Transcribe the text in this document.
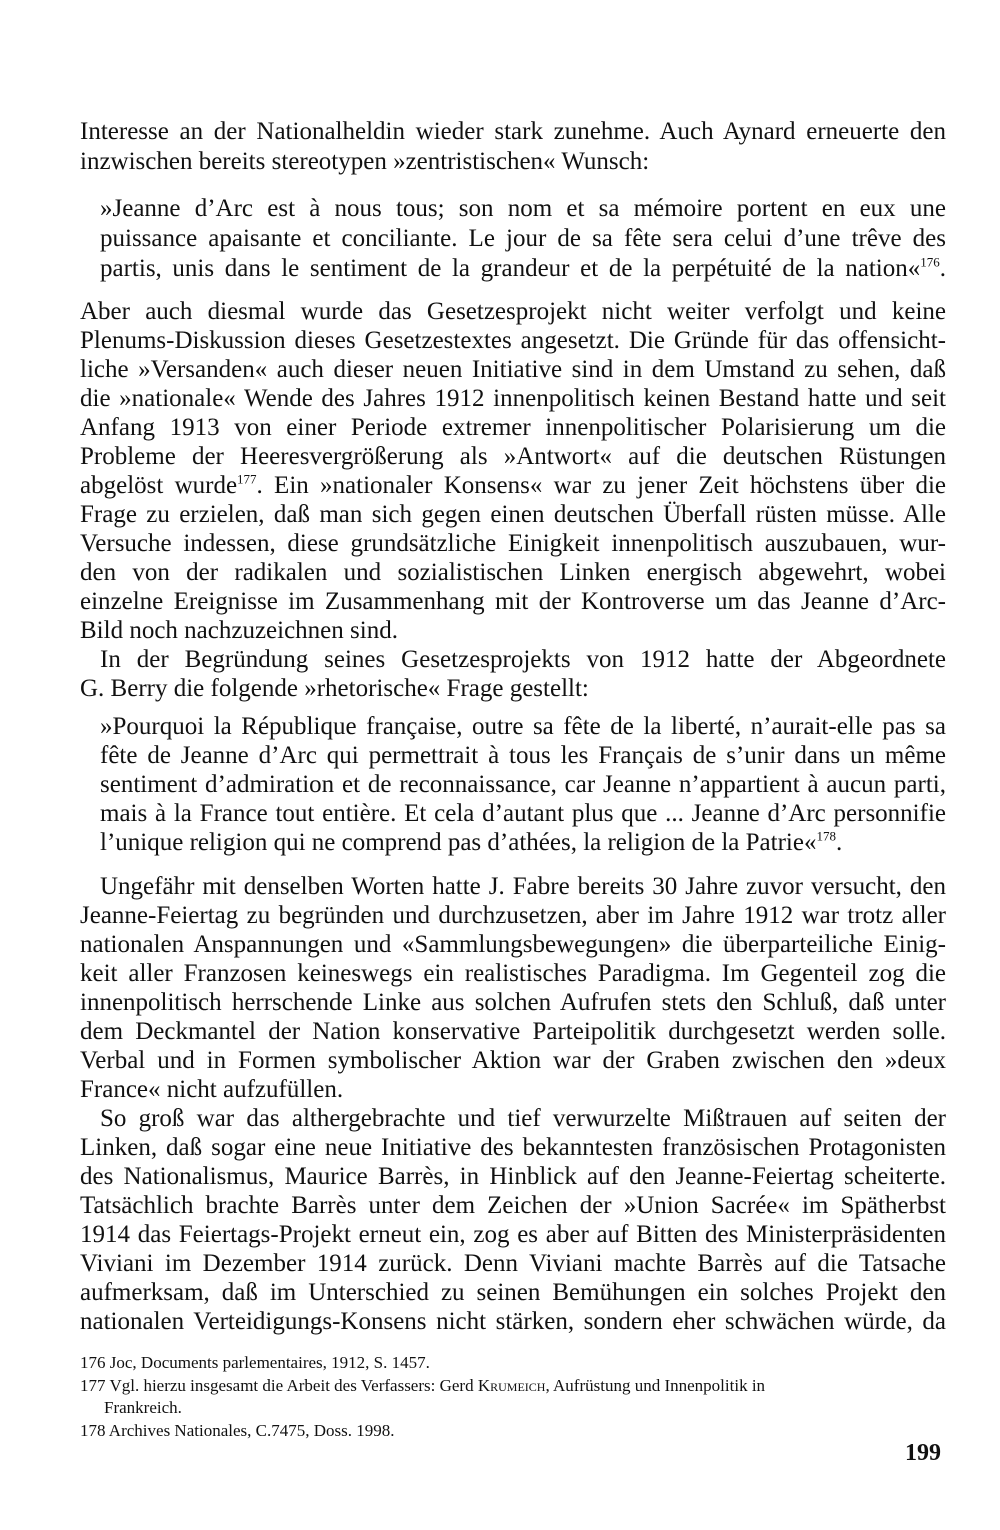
Interesse an der Nationalheldin wieder stark zunehme. Auch Aynard erneuerte den
inzwischen bereits stereotypen »zentristischen« Wunsch:
»Jeanne d’Arc est à nous tous; son nom et sa mémoire portent en eux une
puissance apaisante et conciliante. Le jour de sa fête sera celui d’une trêve des
partis, unis dans le sentiment de la grandeur et de la perpétuité de la nation«$^{176}$.
Aber auch diesmal wurde das Gesetzesprojekt nicht weiter verfolgt und keine
Plenums-Diskussion dieses Gesetzestextes angesetzt. Die Gründe für das offensicht-
liche »Versanden« auch dieser neuen Initiative sind in dem Umstand zu sehen, daß
die »nationale« Wende des Jahres 1912 innenpolitisch keinen Bestand hatte und seit
Anfang 1913 von einer Periode extremer innenpolitischer Polarisierung um die
Probleme der Heeresvergrößerung als »Antwort« auf die deutschen Rüstungen
abgelöst wurde$^{177}$. Ein »nationaler Konsens« war zu jener Zeit höchstens über die
Frage zu erzielen, daß man sich gegen einen deutschen Überfall rüsten müsse. Alle
Versuche indessen, diese grundsätzliche Einigkeit innenpolitisch auszubauen, wur-
den von der radikalen und sozialistischen Linken energisch abgewehrt, wobei
einzelne Ereignisse im Zusammenhang mit der Kontroverse um das Jeanne d’Arc-
Bild noch nachzuzeichnen sind.
In der Begründung seines Gesetzesprojekts von 1912 hatte der Abgeordnete
G. Berry die folgende »rhetorische« Frage gestellt:
»Pourquoi la République française, outre sa fête de la liberté, n’aurait-elle pas sa
fête de Jeanne d’Arc qui permettrait à tous les Français de s’unir dans un même
sentiment d’admiration et de reconnaissance, car Jeanne n’appartient à aucun parti,
mais à la France tout entière. Et cela d’autant plus que ... Jeanne d’Arc personnifie
l’unique religion qui ne comprend pas d’athées, la religion de la Patrie«$^{178}$.
Ungefähr mit denselben Worten hatte J. Fabre bereits 30 Jahre zuvor versucht, den
Jeanne-Feiertag zu begründen und durchzusetzen, aber im Jahre 1912 war trotz aller
nationalen Anspannungen und «Sammlungsbewegungen» die überparteiliche Einig-
keit aller Franzosen keineswegs ein realistisches Paradigma. Im Gegenteil zog die
innenpolitisch herrschende Linke aus solchen Aufrufen stets den Schluß, daß unter
dem Deckmantel der Nation konservative Parteipolitik durchgesetzt werden solle.
Verbal und in Formen symbolischer Aktion war der Graben zwischen den »deux
France« nicht aufzufüllen.
So groß war das althergebrachte und tief verwurzelte Mißtrauen auf seiten der
Linken, daß sogar eine neue Initiative des bekanntesten französischen Protagonisten
des Nationalismus, Maurice Barrès, in Hinblick auf den Jeanne-Feiertag scheiterte.
Tatsächlich brachte Barrès unter dem Zeichen der »Union Sacrée« im Spätherbst
1914 das Feiertags-Projekt erneut ein, zog es aber auf Bitten des Ministerpräsidenten
Viviani im Dezember 1914 zurück. Denn Viviani machte Barrès auf die Tatsache
aufmerksam, daß im Unterschied zu seinen Bemühungen ein solches Projekt den
nationalen Verteidigungs-Konsens nicht stärken, sondern eher schwächen würde, da
176 Joc, Documents parlementaires, 1912, S. 1457.
177 Vgl. hierzu insgesamt die Arbeit des Verfassers: Gerd Krumeich, Aufrüstung und Innenpolitik in
Frankreich.
178 Archives Nationales, C.7475, Doss. 1998.
199
